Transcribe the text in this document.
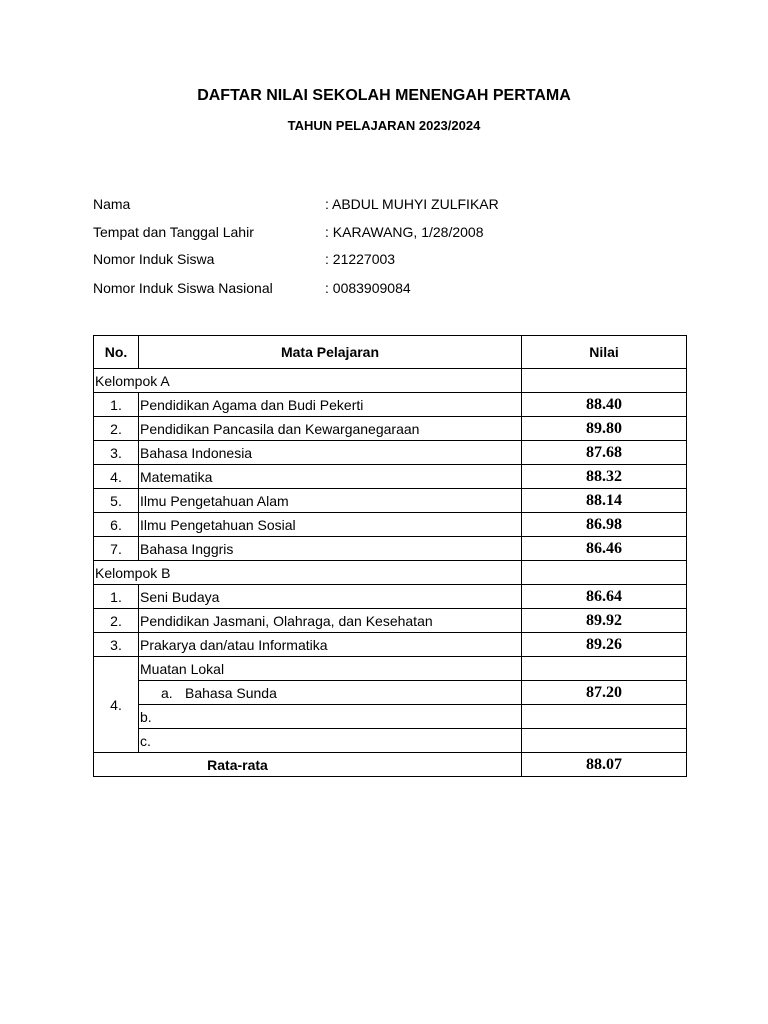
DAFTAR NILAI SEKOLAH MENENGAH PERTAMA
TAHUN PELAJARAN 2023/2024
Nama	: ABDUL MUHYI ZULFIKAR
Tempat dan Tanggal Lahir	: KARAWANG, 1/28/2008
Nomor Induk Siswa	: 21227003
Nomor Induk Siswa Nasional	: 0083909084
No.	Mata Pelajaran	Nilai
Kelompok A		
1.	Pendidikan Agama dan Budi Pekerti	88.40
2.	Pendidikan Pancasila dan Kewarganegaraan	89.80
3.	Bahasa Indonesia	87.68
4.	Matematika	88.32
5.	Ilmu Pengetahuan Alam	88.14
6.	Ilmu Pengetahuan Sosial	86.98
7.	Bahasa Inggris	86.46
Kelompok B		
1.	Seni Budaya	86.64
2.	Pendidikan Jasmani, Olahraga, dan Kesehatan	89.92
3.	Prakarya dan/atau Informatika	89.26
4.	Muatan Lokal	
	a. Bahasa Sunda	87.20
	b.	
	c.	
Rata-rata		88.07
